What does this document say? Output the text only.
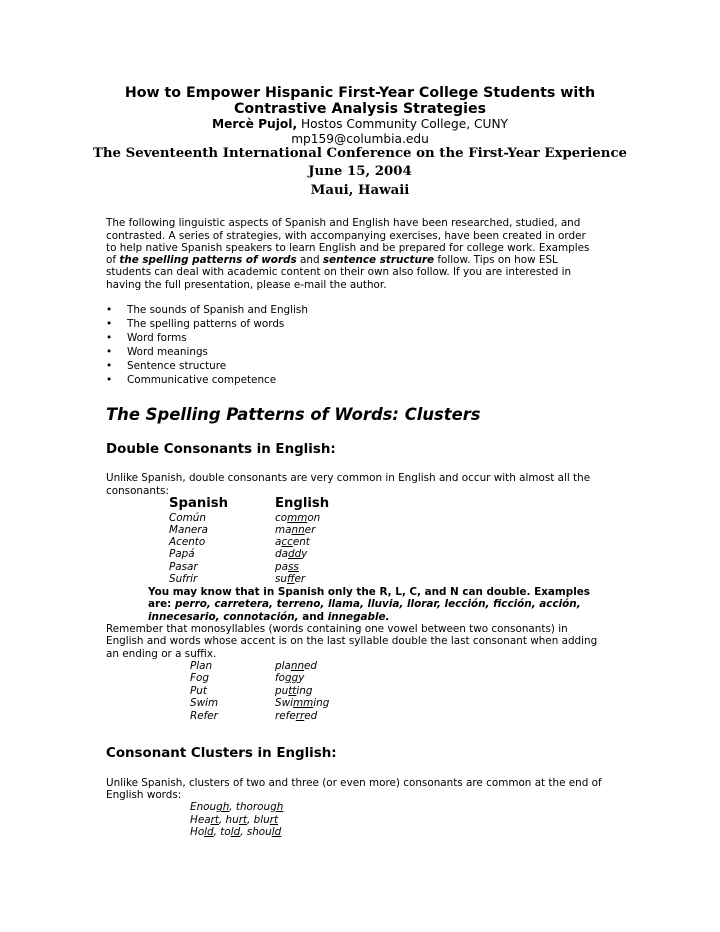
How to Empower Hispanic First-Year College Students with
Contrastive Analysis Strategies
Mercè Pujol, Hostos Community College, CUNY
mp159@columbia.edu
The Seventeenth International Conference on the First-Year Experience
June 15, 2004
Maui, Hawaii
The following linguistic aspects of Spanish and English have been researched, studied, and
contrasted. A series of strategies, with accompanying exercises, have been created in order
to help native Spanish speakers to learn English and be prepared for college work. Examples
of the spelling patterns of words and sentence structure follow. Tips on how ESL
students can deal with academic content on their own also follow. If you are interested in
having the full presentation, please e-mail the author.
• The sounds of Spanish and English
• The spelling patterns of words
• Word forms
• Word meanings
• Sentence structure
• Communicative competence
The Spelling Patterns of Words: Clusters
Double Consonants in English:
Unlike Spanish, double consonants are very common in English and occur with almost all the
consonants:
Spanish	English
Común	common
Manera	manner
Acento	accent
Papá	daddy
Pasar	pass
Sufrir	suffer
You may know that in Spanish only the R, L, C, and N can double. Examples
are: perro, carretera, terreno, llama, lluvia, llorar, lección, ficción, acción,
innecesario, connotación, and innegable.
Remember that monosyllables (words containing one vowel between two consonants) in
English and words whose accent is on the last syllable double the last consonant when adding
an ending or a suffix.
Plan	planned
Fog	foggy
Put	putting
Swim	Swimming
Refer	referred
Consonant Clusters in English:
Unlike Spanish, clusters of two and three (or even more) consonants are common at the end of
English words:
Enough, thorough
Heart, hurt, blurt
Hold, told, should
